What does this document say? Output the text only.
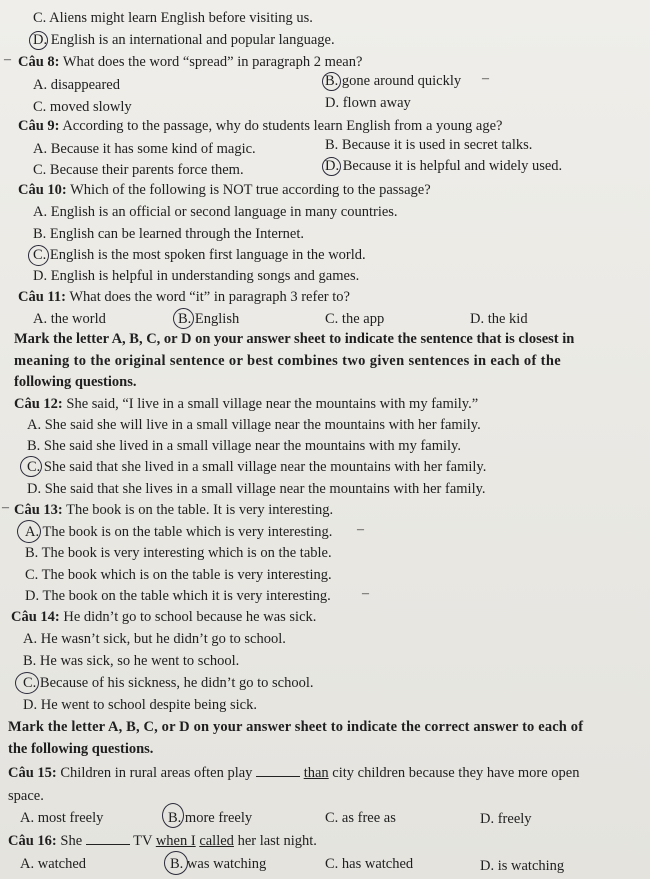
C. Aliens might learn English before visiting us.
D. English is an international and popular language.
– Câu 8: What does the word “spread” in paragraph 2 mean?
A. disappeared	B. gone around quickly –
C. moved slowly	D. flown away
Câu 9: According to the passage, why do students learn English from a young age?
A. Because it has some kind of magic.	B. Because it is used in secret talks.
C. Because their parents force them.	D. Because it is helpful and widely used.
Câu 10: Which of the following is NOT true according to the passage?
A. English is an official or second language in many countries.
B. English can be learned through the Internet.
C. English is the most spoken first language in the world.
D. English is helpful in understanding songs and games.
Câu 11: What does the word “it” in paragraph 3 refer to?
A. the world	B. English	C. the app	D. the kid
Mark the letter A, B, C, or D on your answer sheet to indicate the sentence that is closest in
meaning to the original sentence or best combines two given sentences in each of the
following questions.
Câu 12: She said, “I live in a small village near the mountains with my family.”
A. She said she will live in a small village near the mountains with her family.
B. She said she lived in a small village near the mountains with my family.
C. She said that she lived in a small village near the mountains with her family.
D. She said that she lives in a small village near the mountains with her family.
– Câu 13: The book is on the table. It is very interesting.
A. The book is on the table which is very interesting. –
B. The book is very interesting which is on the table.
C. The book which is on the table is very interesting.
D. The book on the table which it is very interesting. –
Câu 14: He didn’t go to school because he was sick.
A. He wasn’t sick, but he didn’t go to school.
B. He was sick, so he went to school.
C. Because of his sickness, he didn’t go to school.
D. He went to school despite being sick.
Mark the letter A, B, C, or D on your answer sheet to indicate the correct answer to each of
the following questions.
Câu 15: Children in rural areas often play	than city children because they have more open
space.
A. most freely	B. more freely	C. as free as	D. freely
Câu 16: She	TV when I called her last night.
A. watched	B. was watching	C. has watched	D. is watching
